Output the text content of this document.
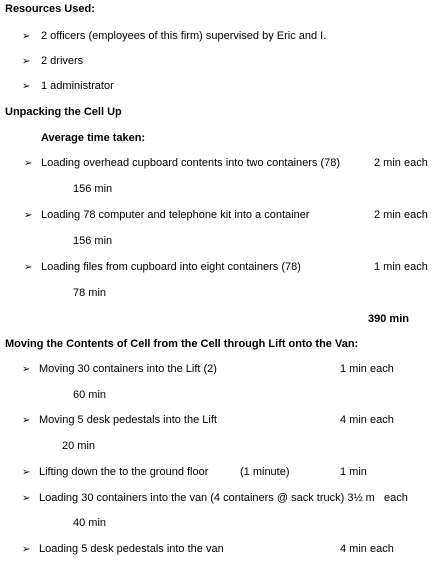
Resources Used:
➢ 2 officers (employees of this firm) supervised by Eric and I.
➢ 2 drivers
➢ 1 administrator
Unpacking the Cell Up
Average time taken:
➢ Loading overhead cupboard contents into two containers (78)	2 min each
156 min
➢ Loading 78 computer and telephone kit into a container	2 min each
156 min
➢ Loading files from cupboard into eight containers (78)	1 min each
78 min
390 min
Moving the Contents of Cell from the Cell through Lift onto the Van:
➢ Moving 30 containers into the Lift (2)	1 min each
60 min
➢ Moving 5 desk pedestals into the Lift	4 min each
20 min
➢ Lifting down the to the ground floor	(1 minute)	1 min
➢ Loading 30 containers into the van (4 containers @ sack truck) 3½ m each
40 min
➢ Loading 5 desk pedestals into the van	4 min each
